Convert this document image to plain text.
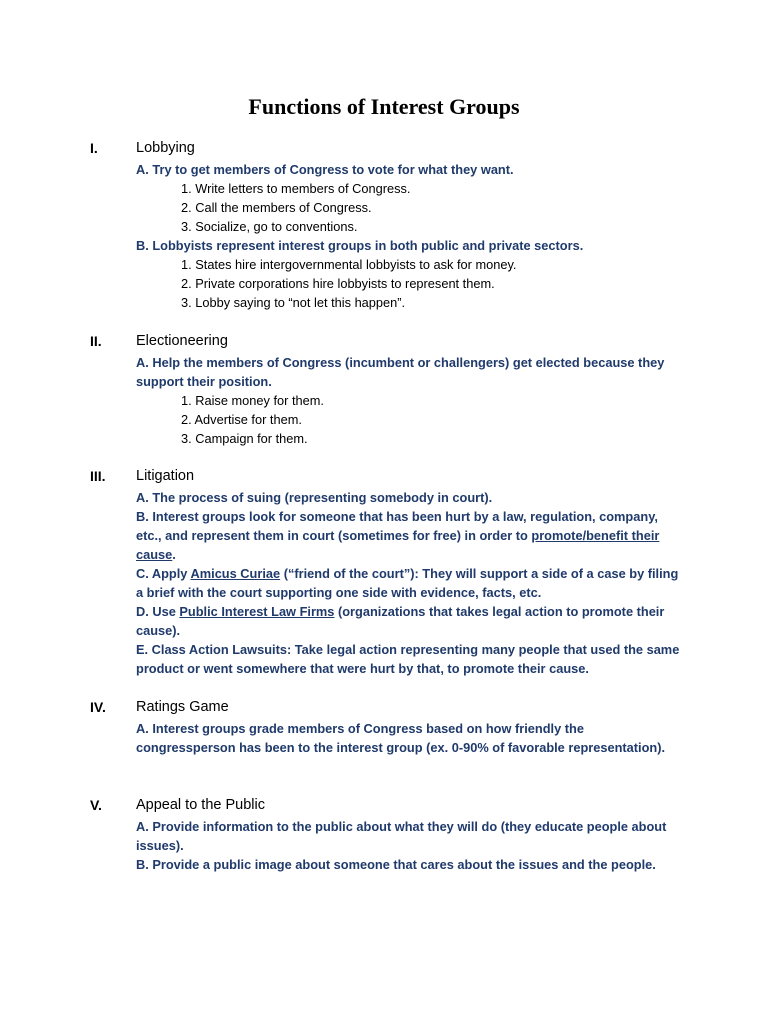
Functions of Interest Groups
I.	Lobbying

A. Try to get members of Congress to vote for what they want.

1. Write letters to members of Congress.

2. Call the members of Congress.

3. Socialize, go to conventions.

B. Lobbyists represent interest groups in both public and private sectors.

1. States hire intergovernmental lobbyists to ask for money.

2. Private corporations hire lobbyists to represent them.

3. Lobby saying to “not let this happen”.

II. Electioneering

A. Help the members of Congress (incumbent or challengers) get elected because they support their position.

1. Raise money for them.

2. Advertise for them.

3. Campaign for them.

III. Litigation

A. The process of suing (representing somebody in court).

B. Interest groups look for someone that has been hurt by a law, regulation, company, etc., and represent them in court (sometimes for free) in order to promote/benefit their cause.

C. Apply Amicus Curiae (“friend of the court”): They will support a side of a case by filing a brief with the court supporting one side with evidence, facts, etc.

D. Use Public Interest Law Firms (organizations that takes legal action to promote their cause).

E. Class Action Lawsuits: Take legal action representing many people that used the same product or went somewhere that were hurt by that, to promote their cause.

IV. Ratings Game

A. Interest groups grade members of Congress based on how friendly the congressperson has been to the interest group (ex. 0-90% of favorable representation).

V. Appeal to the Public

A. Provide information to the public about what they will do (they educate people about issues).

B. Provide a public image about someone that cares about the issues and the people.
